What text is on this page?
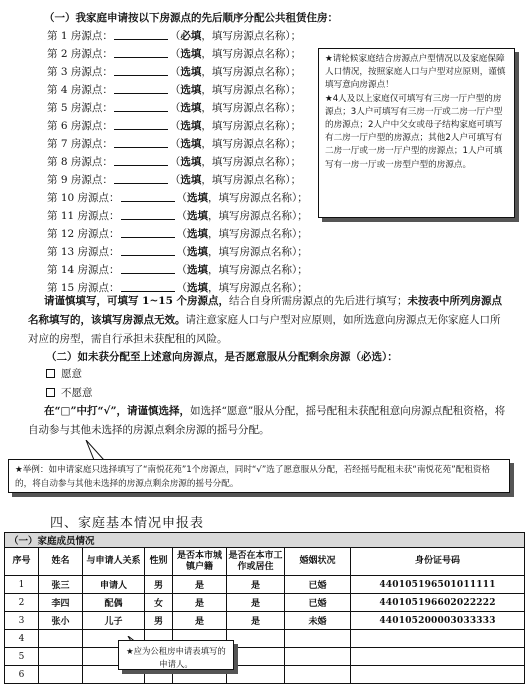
（一）我家庭申请按以下房源点的先后顺序分配公共租赁住房：
第 1 房源点：	（必填，填写房源点名称）；
第 2 房源点：	（选填，填写房源点名称）；
第 3 房源点：	（选填，填写房源点名称）；
第 4 房源点：	（选填，填写房源点名称）；
第 5 房源点：	（选填，填写房源点名称）；
第 6 房源点：	（选填，填写房源点名称）；
第 7 房源点：	（选填，填写房源点名称）；
第 8 房源点：	（选填，填写房源点名称）；
第 9 房源点：	（选填，填写房源点名称）；
第 10 房源点：	（选填，填写房源点名称）；
第 11 房源点：	（选填，填写房源点名称）；
第 12 房源点：	（选填，填写房源点名称）；
第 13 房源点：	（选填，填写房源点名称）；
第 14 房源点：	（选填，填写房源点名称）；
第 15 房源点：	（选填，填写房源点名称）；
★请轮候家庭结合房源点户型情况以及家庭保障人口情况，按照家庭人口与户型对应原则，谨慎填写意向房源点！
★4人及以上家庭仅可填写有三房一厅户型的房源点；3人户可填写有三房一厅或二房一厅户型的房源点；2人户中父女或母子结构家庭可填写有二房一厅户型的房源点；其他2人户可填写有二房一厅或一房一厅户型的房源点；1人户可填写有一房一厅或一房型户型的房源点。
请谨慎填写，可填写 1~15 个房源点，结合自身所需房源点的先后进行填写；未按表中所列房源点名称填写的，该填写房源点无效。请注意家庭人口与户型对应原则，如所选意向房源点无你家庭人口所对应的房型，需自行承担未获配租的风险。
（二）如未获分配至上述意向房源点，是否愿意服从分配剩余房源（必选）：
愿意
不愿意
在“□”中打“√”，请谨慎选择，如选择“愿意”服从分配，摇号配租未获配租意向房源点配租资格，将自动参与其他未选择的房源点剩余房源的摇号分配。
★举例：如申请家庭只选择填写了“南悦花苑”1个房源点，同时“√”选了愿意服从分配，若经摇号配租未获“南悦花苑”配租资格的，将自动参与其他未选择的房源点剩余房源的摇号分配。
四、家庭基本情况申报表
（一）家庭成员情况							
序号	姓名	与申请人关系	性别	是否本市城镇户籍	是否在本市工作或居住	婚姻状况	身份证号码
1	张三	申请人	男	是	是	已婚	440105196501011111
2	李四	配偶	女	是	是	已婚	440105196602022222
3	张小	儿子	男	是	是	未婚	440105200003033333
4							
5							
6							
★应为公租房申请表填写的申请人。
